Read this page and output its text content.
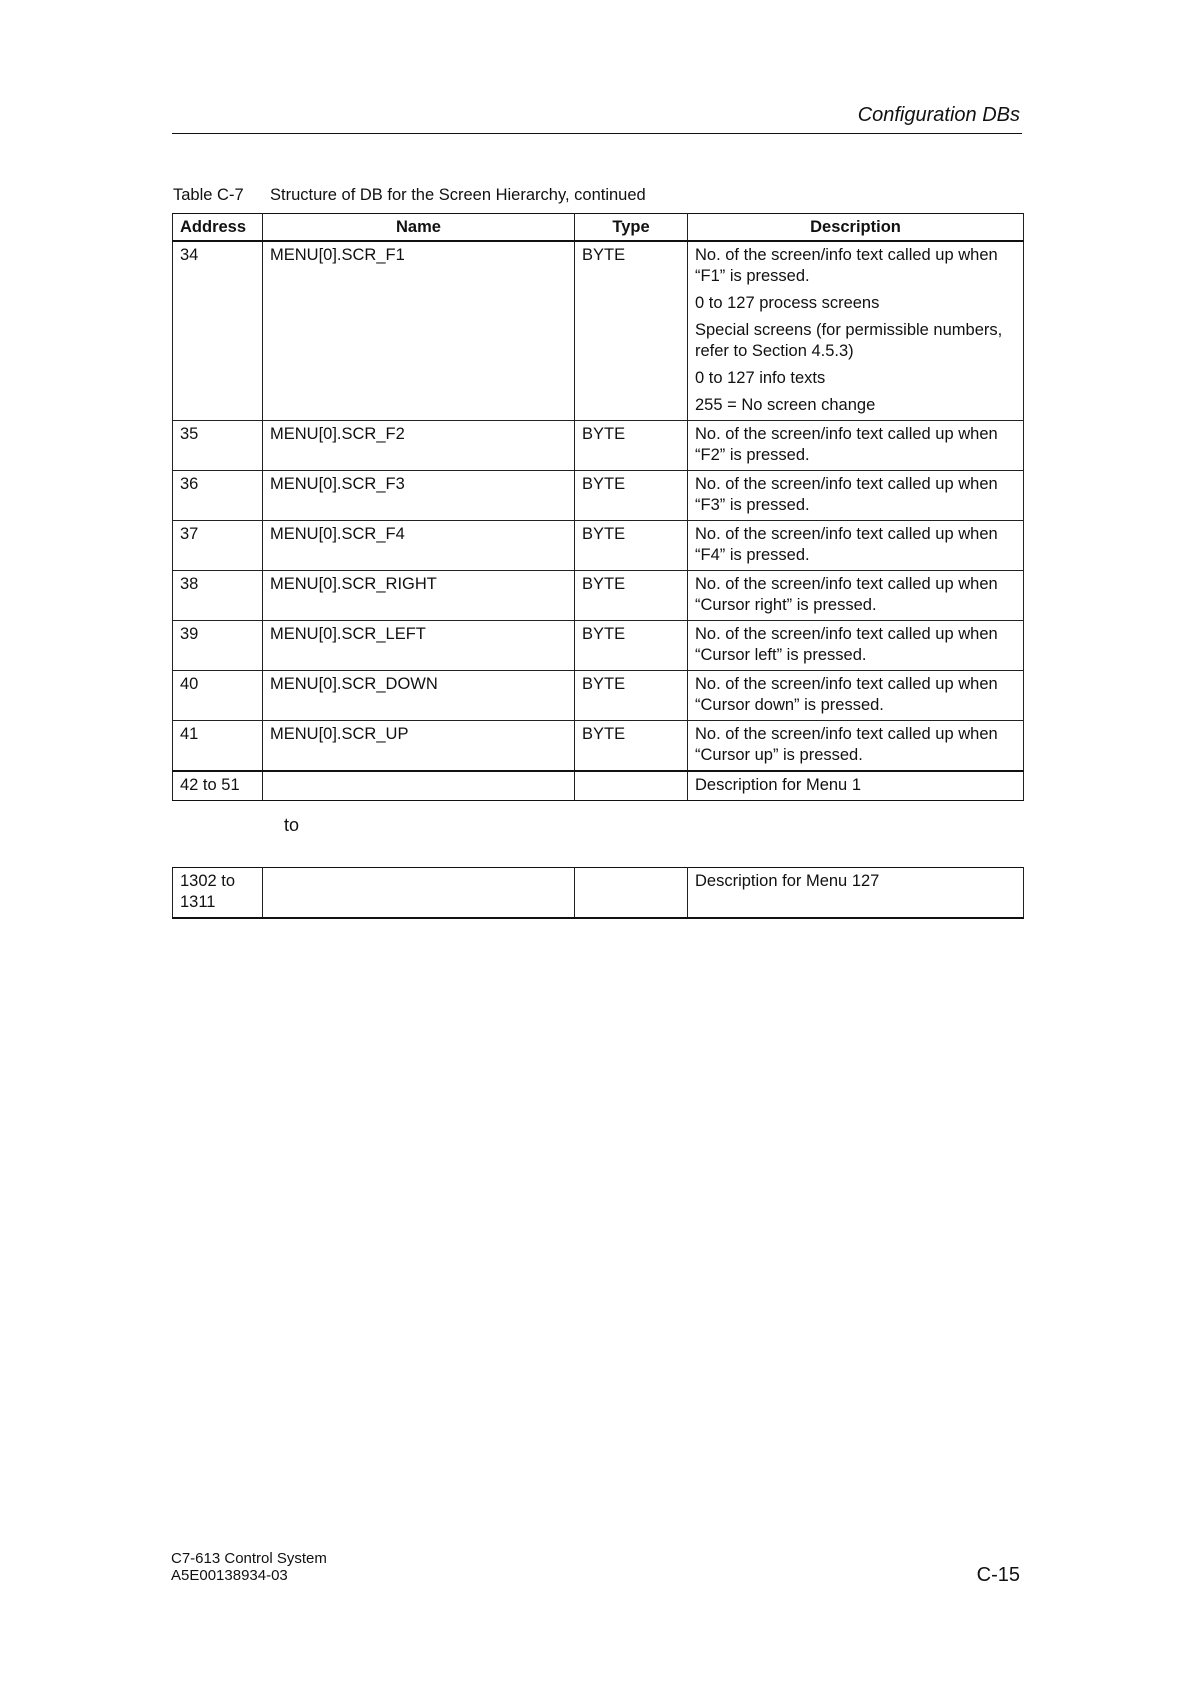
Configuration DBs
Table C-7 Structure of DB for the Screen Hierarchy, continued
Address	Name	Type	Description
34	MENU[0].SCR_F1	BYTE	No. of the screen/info text called up when “F1” is pressed.
0 to 127 process screens
Special screens (for permissible numbers, refer to Section 4.5.3)
0 to 127 info texts
255 = No screen change

35	MENU[0].SCR_F2	BYTE	No. of the screen/info text called up when “F2” is pressed.
36	MENU[0].SCR_F3	BYTE	No. of the screen/info text called up when “F3” is pressed.
37	MENU[0].SCR_F4	BYTE	No. of the screen/info text called up when “F4” is pressed.
38	MENU[0].SCR_RIGHT	BYTE	No. of the screen/info text called up when “Cursor right” is pressed.
39	MENU[0].SCR_LEFT	BYTE	No. of the screen/info text called up when “Cursor left” is pressed.
40	MENU[0].SCR_DOWN	BYTE	No. of the screen/info text called up when “Cursor down” is pressed.
41	MENU[0].SCR_UP	BYTE	No. of the screen/info text called up when “Cursor up” is pressed.
42 to 51			Description for Menu 1
to
1302 to 1311			Description for Menu 127
C7-613 Control System
A5E00138934-03	C-15
